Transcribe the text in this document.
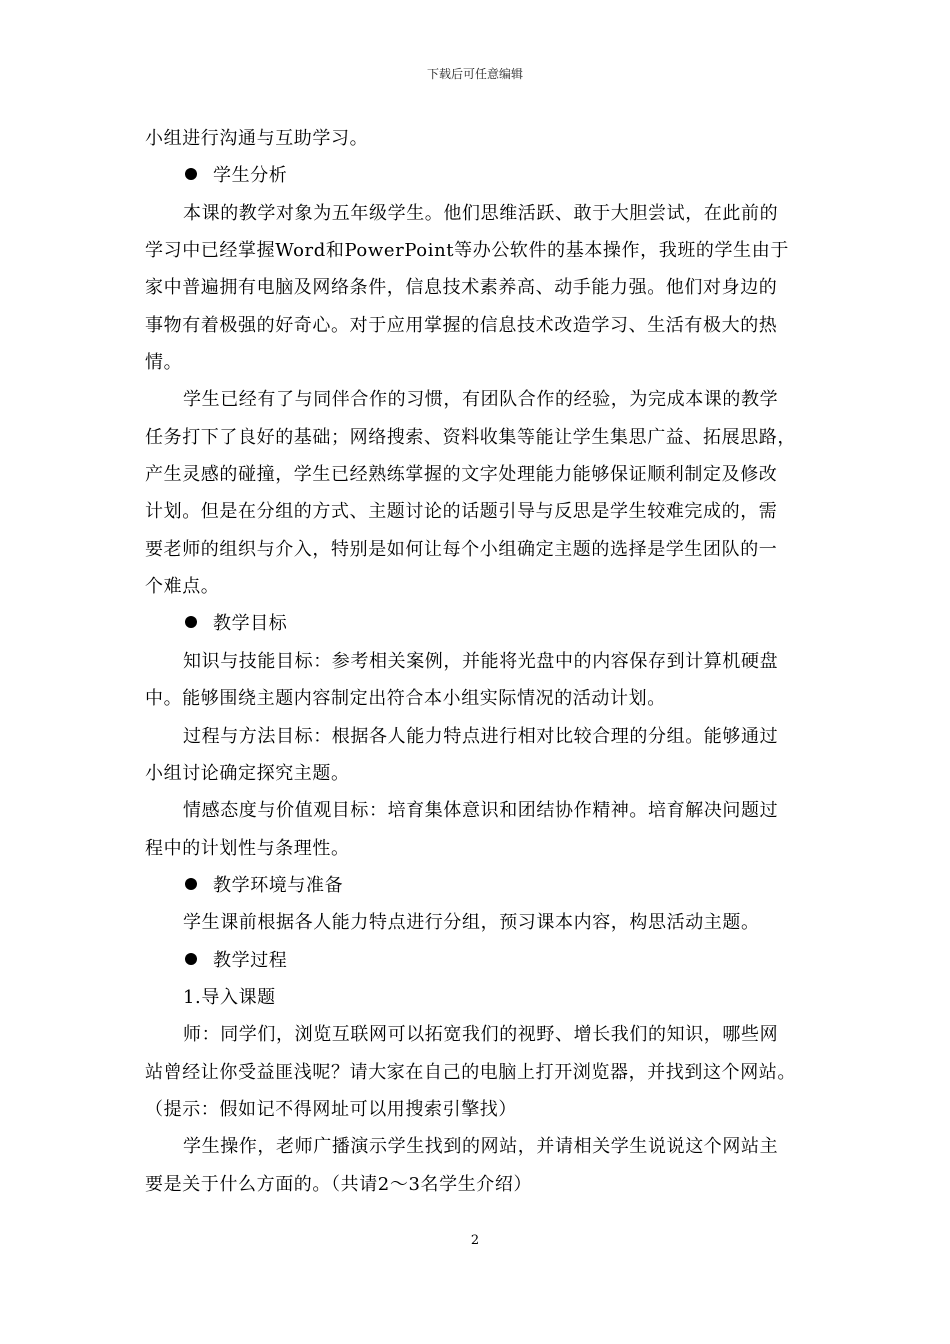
下载后可任意编辑
小组进行沟通与互助学习。
学生分析
本课的教学对象为五年级学生。他们思维活跃、敢于大胆尝试，在此前的
学习中已经掌握Word和PowerPoint等办公软件的基本操作，我班的学生由于
家中普遍拥有电脑及网络条件，信息技术素养高、动手能力强。他们对身边的
事物有着极强的好奇心。对于应用掌握的信息技术改造学习、生活有极大的热
情。
学生已经有了与同伴合作的习惯，有团队合作的经验，为完成本课的教学
任务打下了良好的基础；网络搜索、资料收集等能让学生集思广益、拓展思路，
产生灵感的碰撞，学生已经熟练掌握的文字处理能力能够保证顺利制定及修改
计划。但是在分组的方式、主题讨论的话题引导与反思是学生较难完成的，需
要老师的组织与介入，特别是如何让每个小组确定主题的选择是学生团队的一
个难点。
教学目标
知识与技能目标：参考相关案例，并能将光盘中的内容保存到计算机硬盘
中。能够围绕主题内容制定出符合本小组实际情况的活动计划。
过程与方法目标：根据各人能力特点进行相对比较合理的分组。能够通过
小组讨论确定探究主题。
情感态度与价值观目标：培育集体意识和团结协作精神。培育解决问题过
程中的计划性与条理性。
教学环境与准备
学生课前根据各人能力特点进行分组，预习课本内容，构思活动主题。
教学过程
1.导入课题
师：同学们，浏览互联网可以拓宽我们的视野、增长我们的知识，哪些网
站曾经让你受益匪浅呢？请大家在自己的电脑上打开浏览器，并找到这个网站。
（提示：假如记不得网址可以用搜索引擎找）
学生操作，老师广播演示学生找到的网站，并请相关学生说说这个网站主
要是关于什么方面的。（共请2～3名学生介绍）
2
